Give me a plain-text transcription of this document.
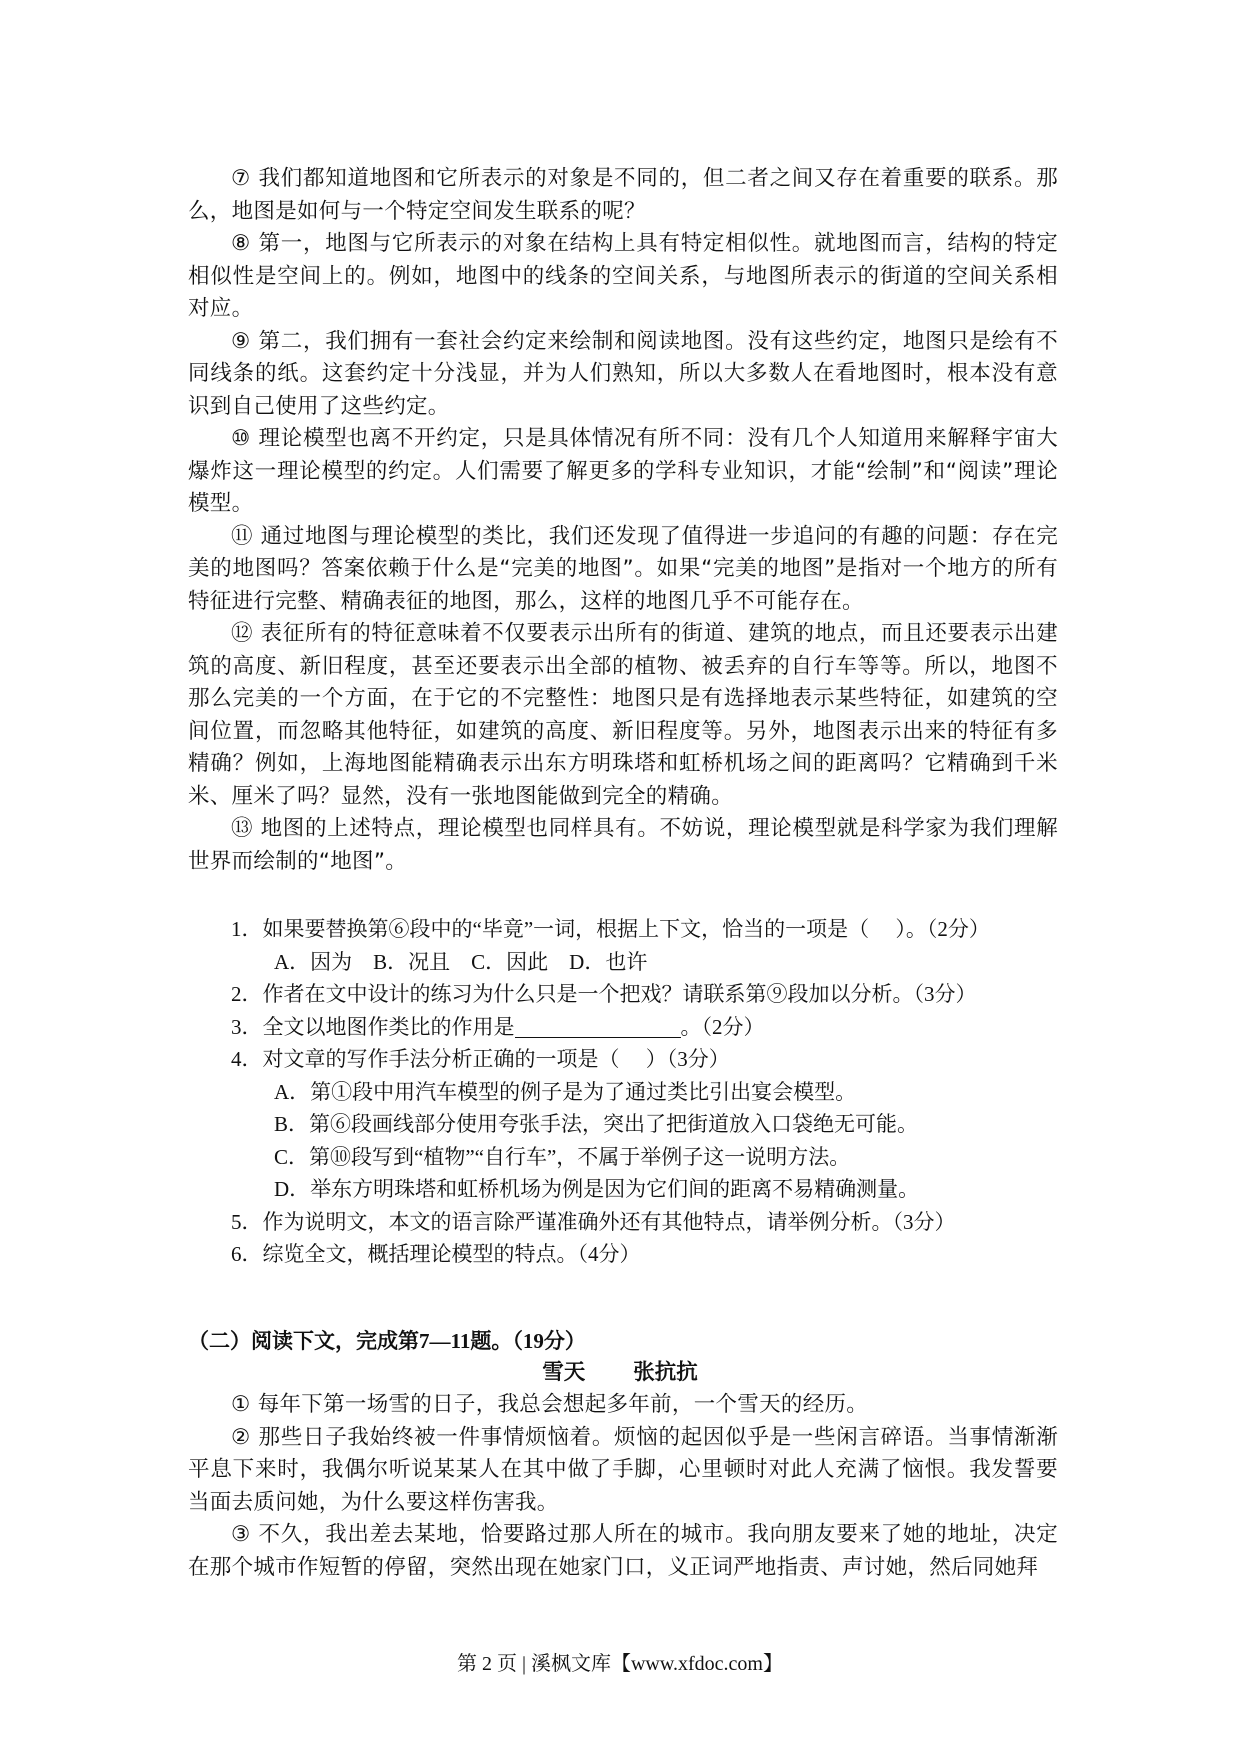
⑦ 我们都知道地图和它所表示的对象是不同的，但二者之间又存在着重要的联系。那么，地图是如何与一个特定空间发生联系的呢？

⑧ 第一，地图与它所表示的对象在结构上具有特定相似性。就地图而言，结构的特定相似性是空间上的。例如，地图中的线条的空间关系，与地图所表示的街道的空间关系相对应。

⑨ 第二，我们拥有一套社会约定来绘制和阅读地图。没有这些约定，地图只是绘有不同线条的纸。这套约定十分浅显，并为人们熟知，所以大多数人在看地图时，根本没有意识到自己使用了这些约定。

⑩ 理论模型也离不开约定，只是具体情况有所不同：没有几个人知道用来解释宇宙大爆炸这一理论模型的约定。人们需要了解更多的学科专业知识，才能“绘制”和“阅读”理论模型。

⑪ 通过地图与理论模型的类比，我们还发现了值得进一步追问的有趣的问题：存在完美的地图吗？答案依赖于什么是“完美的地图”。如果“完美的地图”是指对一个地方的所有特征进行完整、精确表征的地图，那么，这样的地图几乎不可能存在。

⑫ 表征所有的特征意味着不仅要表示出所有的街道、建筑的地点，而且还要表示出建筑的高度、新旧程度，甚至还要表示出全部的植物、被丢弃的自行车等等。所以，地图不那么完美的一个方面，在于它的不完整性：地图只是有选择地表示某些特征，如建筑的空间位置，而忽略其他特征，如建筑的高度、新旧程度等。另外，地图表示出来的特征有多精确？例如，上海地图能精确表示出东方明珠塔和虹桥机场之间的距离吗？它精确到千米米、厘米了吗？显然，没有一张地图能做到完全的精确。

⑬ 地图的上述特点，理论模型也同样具有。不妨说，理论模型就是科学家为我们理解世界而绘制的“地图”。

1．如果要替换第⑥段中的“毕竟”一词，根据上下文，恰当的一项是（　 ）。（2分）

A．因为　B．况且　C．因此　D．也许

2．作者在文中设计的练习为什么只是一个把戏？请联系第⑨段加以分析。（3分）

3．全文以地图作类比的作用是	。（2分）

4．对文章的写作手法分析正确的一项是（　 ）（3分）

A．第①段中用汽车模型的例子是为了通过类比引出宴会模型。

B．第⑥段画线部分使用夸张手法，突出了把街道放入口袋绝无可能。

C．第⑩段写到“植物”“自行车”，不属于举例子这一说明方法。

D．举东方明珠塔和虹桥机场为例是因为它们间的距离不易精确测量。

5．作为说明文，本文的语言除严谨准确外还有其他特点，请举例分析。（3分）

6．综览全文，概括理论模型的特点。（4分）

（二）阅读下文，完成第7—11题。（19分）
雪天 张抗抗

① 每年下第一场雪的日子，我总会想起多年前，一个雪天的经历。

② 那些日子我始终被一件事情烦恼着。烦恼的起因似乎是一些闲言碎语。当事情渐渐平息下来时，我偶尔听说某某人在其中做了手脚，心里顿时对此人充满了恼恨。我发誓要当面去质问她，为什么要这样伤害我。

③ 不久，我出差去某地，恰要路过那人所在的城市。我向朋友要来了她的地址，决定在那个城市作短暂的停留，突然出现在她家门口，义正词严地指责、声讨她，然后同她拜

第 2 页 | 溪枫文库【www.xfdoc.com】
